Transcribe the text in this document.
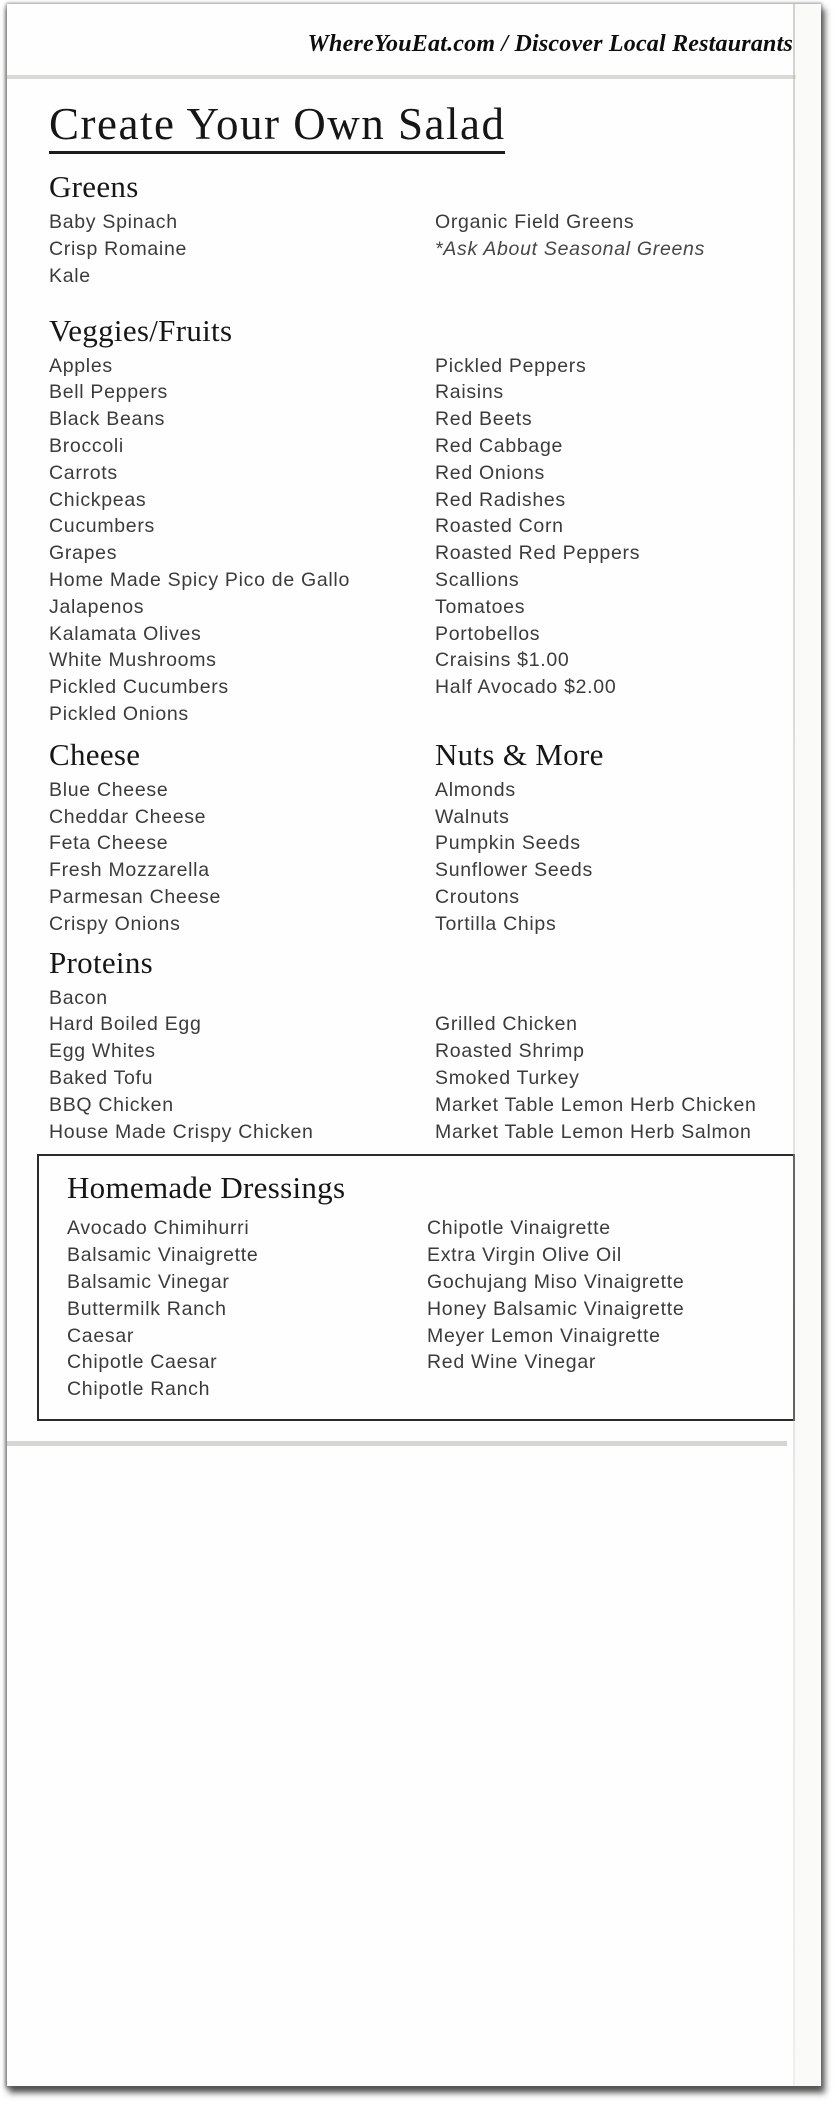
WhereYouEat.com / Discover Local Restaurants
Create Your Own Salad
Greens
Baby Spinach
Crisp Romaine
Kale
Organic Field Greens
*Ask About Seasonal Greens
Veggies/Fruits
Apples
Bell Peppers
Black Beans
Broccoli
Carrots
Chickpeas
Cucumbers
Grapes
Home Made Spicy Pico de Gallo
Jalapenos
Kalamata Olives
White Mushrooms
Pickled Cucumbers
Pickled Onions
Pickled Peppers
Raisins
Red Beets
Red Cabbage
Red Onions
Red Radishes
Roasted Corn
Roasted Red Peppers
Scallions
Tomatoes
Portobellos
Craisins $1.00
Half Avocado $2.00
Cheese	Nuts & More
Blue Cheese
Cheddar Cheese
Feta Cheese
Fresh Mozzarella
Parmesan Cheese
Crispy Onions
Almonds
Walnuts
Pumpkin Seeds
Sunflower Seeds
Croutons
Tortilla Chips
Proteins
Bacon
Hard Boiled Egg
Egg Whites
Baked Tofu
BBQ Chicken
House Made Crispy Chicken
Grilled Chicken
Roasted Shrimp
Smoked Turkey
Market Table Lemon Herb Chicken
Market Table Lemon Herb Salmon
Homemade Dressings
Avocado Chimihurri
Balsamic Vinaigrette
Balsamic Vinegar
Buttermilk Ranch
Caesar
Chipotle Caesar
Chipotle Ranch
Chipotle Vinaigrette
Extra Virgin Olive Oil
Gochujang Miso Vinaigrette
Honey Balsamic Vinaigrette
Meyer Lemon Vinaigrette
Red Wine Vinegar
